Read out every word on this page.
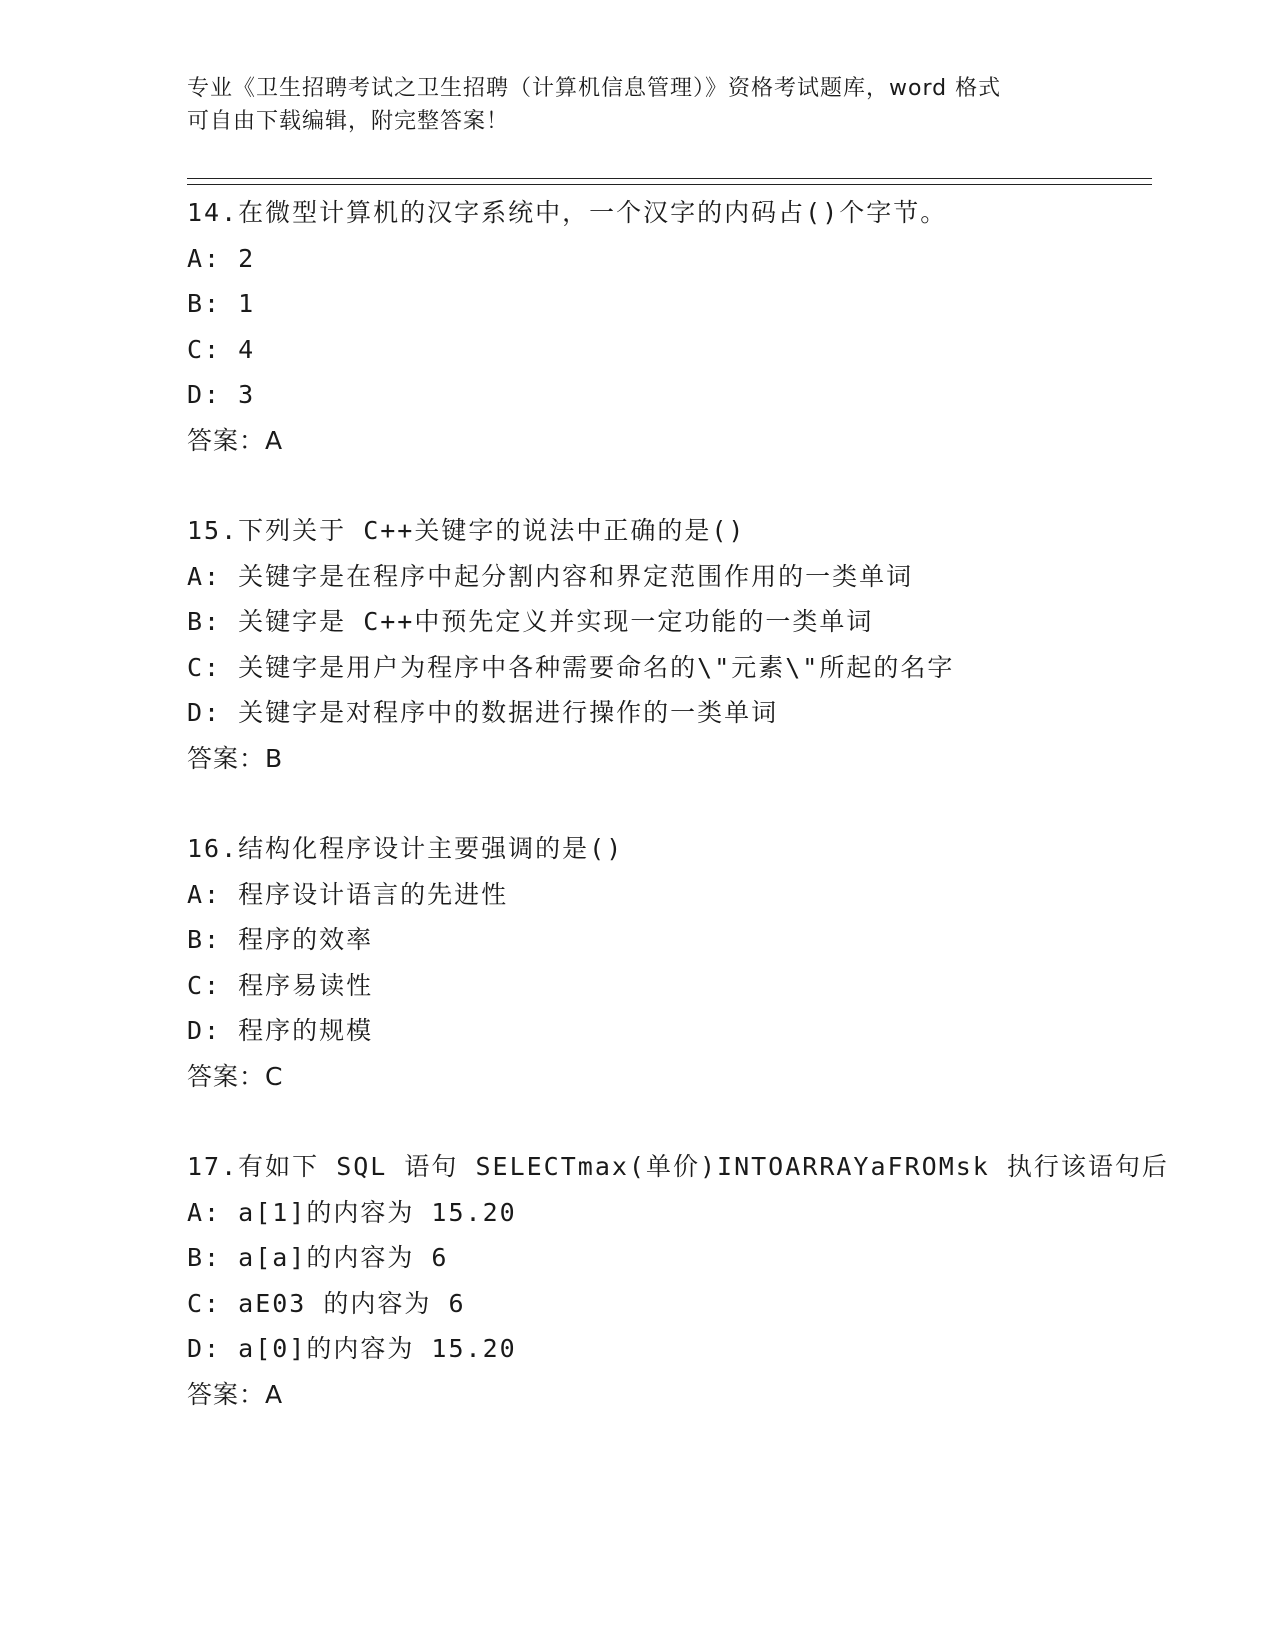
专业《卫生招聘考试之卫生招聘（计算机信息管理）》资格考试题库，word 格式
可自由下载编辑，附完整答案！
14.在微型计算机的汉字系统中，一个汉字的内码占()个字节。
A: 2
B: 1
C: 4
D: 3
答案：A
15.下列关于 C++关键字的说法中正确的是()
A: 关键字是在程序中起分割内容和界定范围作用的一类单词
B: 关键字是 C++中预先定义并实现一定功能的一类单词
C: 关键字是用户为程序中各种需要命名的\"元素\"所起的名字
D: 关键字是对程序中的数据进行操作的一类单词
答案：B
16.结构化程序设计主要强调的是()
A: 程序设计语言的先进性
B: 程序的效率
C: 程序易读性
D: 程序的规模
答案：C
17.有如下 SQL 语句 SELECTmax(单价)INTOARRAYaFROMsk 执行该语句后
A: a[1]的内容为 15.20
B: a[a]的内容为 6
C: aE03 的内容为 6
D: a[0]的内容为 15.20
答案：A
